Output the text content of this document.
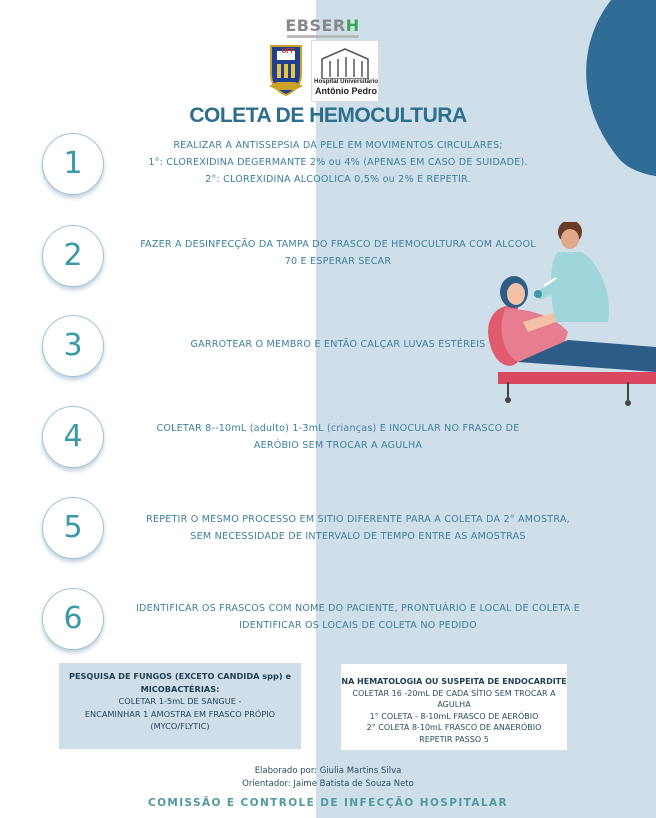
EBSERH
UFF
Hospital Universitário
Antônio Pedro
COLETA DE HEMOCULTURA
1
REALIZAR A ANTISSEPSIA DA PELE EM MOVIMENTOS CIRCULARES;
1°: CLOREXIDINA DEGERMANTE 2% ou 4% (APENAS EM CASO DE SUIDADE).
2°: CLOREXIDINA ALCOOLICA 0,5% ou 2% E REPETIR.
2	FAZER A DESINFECÇÃO DA TAMPA DO FRASCO DE HEMOCULTURA COM ALCOOL
70 E ESPERAR SECAR
3	GARROTEAR O MEMBRO E ENTÃO CALÇAR LUVAS ESTÉREIS
4	COLETAR 8--10mL (adulto) 1-3mL (crianças) E INOCULAR NO FRASCO DE
AERÓBIO SEM TROCAR A AGULHA
5	REPETIR O MESMO PROCESSO EM SITIO DIFERENTE PARA A COLETA DA 2° AMOSTRA,
SEM NECESSIDADE DE INTERVALO DE TEMPO ENTRE AS AMOSTRAS
6	IDENTIFICAR OS FRASCOS COM NOME DO PACIENTE, PRONTUÁRIO E LOCAL DE COLETA E
IDENTIFICAR OS LOCAIS DE COLETA NO PEDIDO
PESQUISA DE FUNGOS (EXCETO CANDIDA spp) e
MICOBACTÉRIAS:
COLETAR 1-5mL DE SANGUE -
ENCAMINHAR 1 AMOSTRA EM FRASCO PRÓPIO
(MYCO/FLYTIC)
NA HEMATOLOGIA OU SUSPEITA DE ENDOCARDITE
COLETAR 16 -20mL DE CADA SÍTIO SEM TROCAR A
AGULHA
1° COLETA - 8-10mL FRASCO DE AERÓBIO
2° COLETA 8-10mL FRASCO DE ANAERÓBIO
REPETIR PASSO 5
Elaborado por: Giulia Martins Silva
Orientador: Jaime Batista de Souza Neto
COMISSÃO E CONTROLE DE INFECÇÃO HOSPITALAR
